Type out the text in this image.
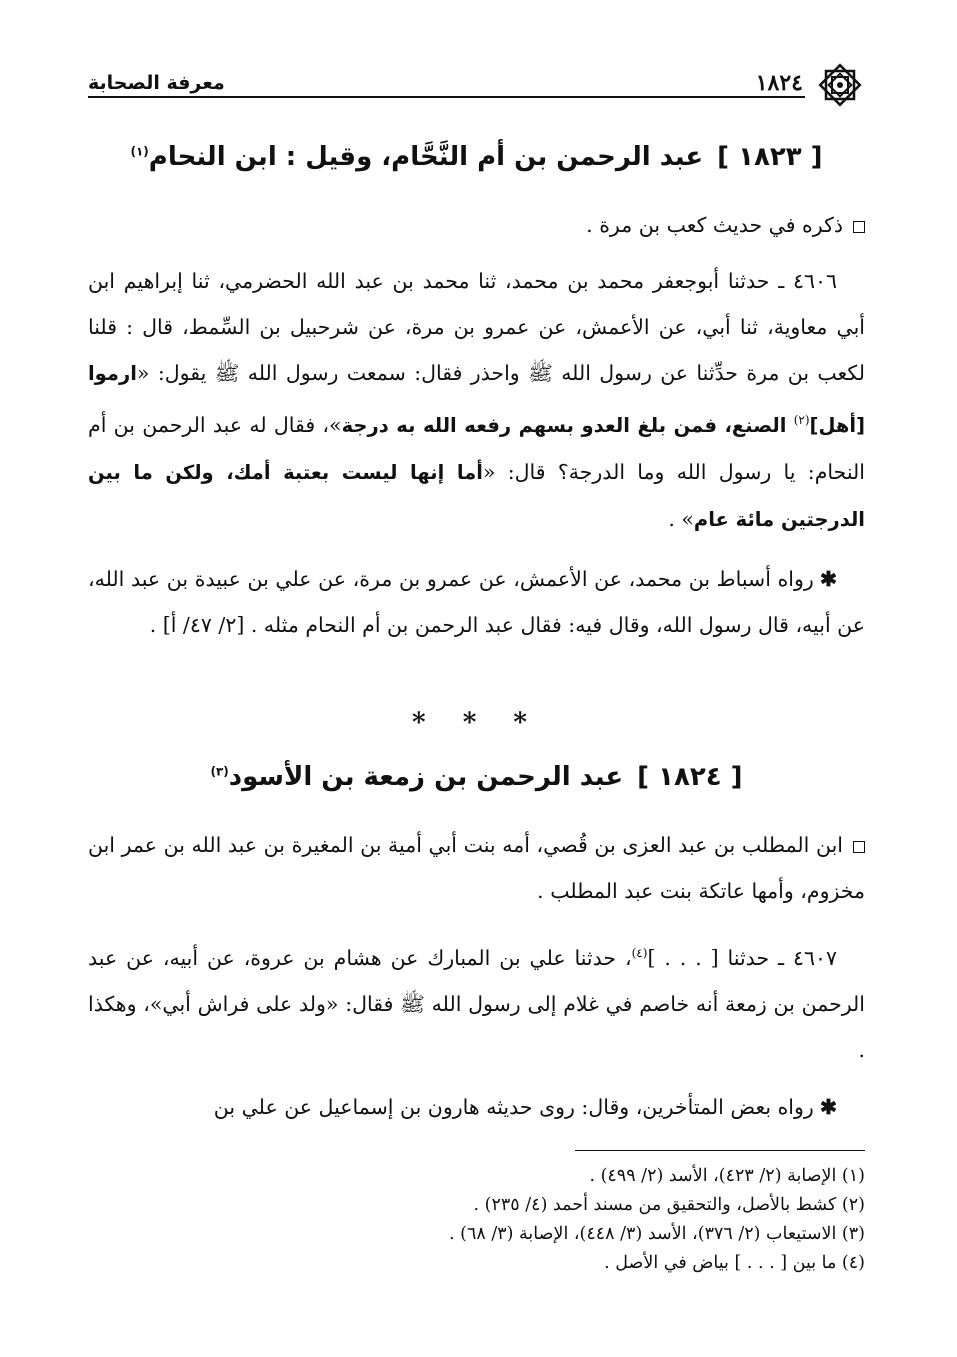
١٨٢٤
معرفة الصحابة
[ ١٨٢٣ ]عبد الرحمن بن أم النَّحَّام، وقيل : ابن النحام$^{(١)}$
ذكره في حديث كعب بن مرة .
٤٦٠٦ ـ حدثنا أبوجعفر محمد بن محمد، ثنا محمد بن عبد الله الحضرمي، ثنا إبراهيم ابن أبي معاوية، ثنا أبي، عن الأعمش، عن عمرو بن مرة، عن شرحبيل بن السِّمط، قال : قلنا لكعب بن مرة حدِّثنا عن رسول الله ﷺ واحذر فقال: سمعت رسول الله ﷺ يقول: «ارموا [أهل]$^{(٢)}$ الصنع، فمن بلغ العدو بسهم رفعه الله به درجة»، فقال له عبد الرحمن بن أم النحام: يا رسول الله وما الدرجة؟ قال: «أما إنها ليست بعتبة أمك، ولكن ما بين الدرجتين مائة عام» .
✱رواه أسباط بن محمد، عن الأعمش، عن عمرو بن مرة، عن علي بن عبيدة بن عبد الله، عن أبيه، قال رسول الله، وقال فيه: فقال عبد الرحمن بن أم النحام مثله . [٢/ ٤٧/ أ] .
* * *
[ ١٨٢٤ ]عبد الرحمن بن زمعة بن الأسود$^{(٣)}$
ابن المطلب بن عبد العزى بن قُصي، أمه بنت أبي أمية بن المغيرة بن عبد الله بن عمر ابن مخزوم، وأمها عاتكة بنت عبد المطلب .
٤٦٠٧ ـ حدثنا [ . . . ]$^{(٤)}$، حدثنا علي بن المبارك عن هشام بن عروة، عن أبيه، عن عبد الرحمن بن زمعة أنه خاصم في غلام إلى رسول الله ﷺ فقال: «ولد على فراش أبي»، وهكذا .
✱رواه بعض المتأخرين، وقال: روى حديثه هارون بن إسماعيل عن علي بن
(١) الإصابة (٢/ ٤٢٣)، الأسد (٢/ ٤٩٩) .
(٢) كشط بالأصل، والتحقيق من مسند أحمد (٤/ ٢٣٥) .
(٣) الاستيعاب (٢/ ٣٧٦)، الأسد (٣/ ٤٤٨)، الإصابة (٣/ ٦٨) .
(٤) ما بين [ . . . ] بياض في الأصل .
